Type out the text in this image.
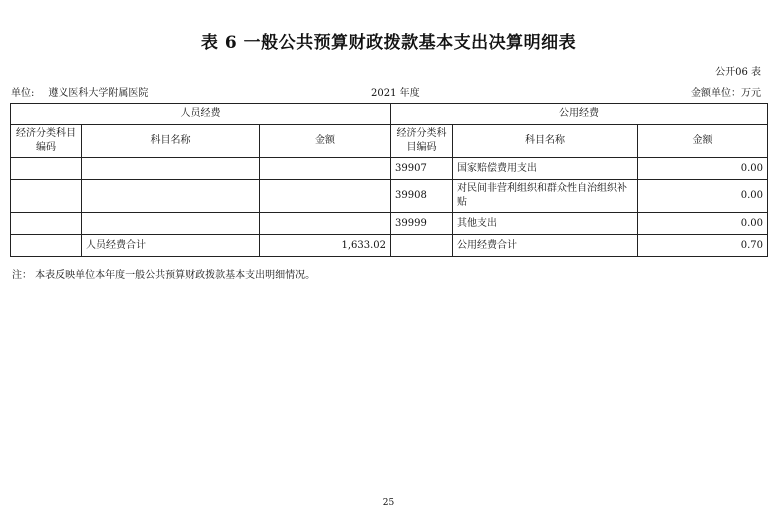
表 6 一般公共预算财政拨款基本支出决算明细表
公开06 表
单位: 遵义医科大学附属医院	2021 年度	金额单位：万元
人员经费			公用经费		
经济分类科目编码	科目名称	金额	经济分类科目编码	科目名称	金额
			39907	国家赔偿费用支出	0.00
			39908	对民间非营利组织和群众性自治组织补贴	0.00
			39999	其他支出	0.00
	人员经费合计	1,633.02		公用经费合计	0.70
注： 本表反映单位本年度一般公共预算财政拨款基本支出明细情况。
25
